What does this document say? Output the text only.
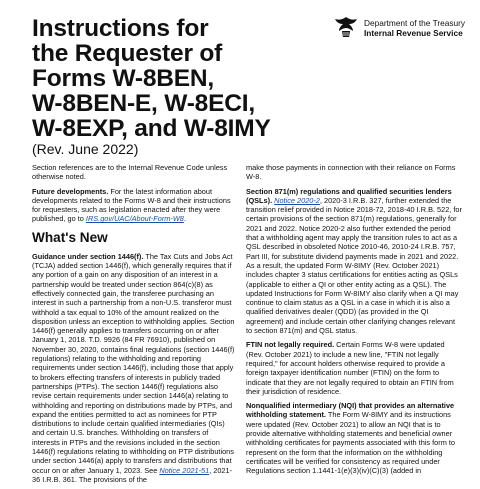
Instructions for
the Requester of
Forms W-8BEN,
W-8BEN-E, W-8ECI,
W-8EXP, and W-8IMY
(Rev. June 2022)
Department of the Treasury
Internal Revenue Service

Section references are to the Internal Revenue Code unless otherwise noted.

Future developments. For the latest information about developments related to the Forms W-8 and their instructions for requesters, such as legislation enacted after they were published, go to IRS.gov/UAC/About-Form-W8.

What's New

Guidance under section 1446(f). The Tax Cuts and Jobs Act (TCJA) added section 1446(f), which generally requires that if any portion of a gain on any disposition of an interest in a partnership would be treated under section 864(c)(8) as effectively connected gain, the transferee purchasing an interest in such a partnership from a non-U.S. transferor must withhold a tax equal to 10% of the amount realized on the disposition unless an exception to withholding applies. Section 1446(f) generally applies to transfers occurring on or after January 1, 2018. T.D. 9926 (84 FR 76910), published on November 30, 2020, contains final regulations (section 1446(f) regulations) relating to the withholding and reporting requirements under section 1446(f), including those that apply to brokers effecting transfers of interests in publicly traded partnerships (PTPs). The section 1446(f) regulations also revise certain requirements under section 1446(a) relating to withholding and reporting on distributions made by PTPs, and expand the entities permitted to act as nominees for PTP distributions to include certain qualified intermediaries (QIs) and certain U.S. branches. Withholding on transfers of interests in PTPs and the revisions included in the section 1446(f) regulations relating to withholding on PTP distributions under section 1446(a) apply to transfers and distributions that occur on or after January 1, 2023. See Notice 2021-51, 2021-36 I.R.B. 361. The provisions of the

make those payments in connection with their reliance on Forms W-8.

Section 871(m) regulations and qualified securities lenders (QSLs). Notice 2020-2, 2020-3 I.R.B. 327, further extended the transition relief provided in Notice 2018-72, 2018-40 I.R.B. 522, for certain provisions of the section 871(m) regulations, generally for 2021 and 2022. Notice 2020-2 also further extended the period that a withholding agent may apply the transition rules to act as a QSL described in obsoleted Notice 2010-46, 2010-24 I.R.B. 757, Part III, for substitute dividend payments made in 2021 and 2022. As a result, the updated Form W-8IMY (Rev. October 2021) includes chapter 3 status certifications for entities acting as QSLs (applicable to either a QI or other entity acting as a QSL). The updated Instructions for Form W-8IMY also clarify when a QI may continue to claim status as a QSL in a case in which it is also a qualified derivatives dealer (QDD) (as provided in the QI agreement) and include certain other clarifying changes relevant to section 871(m) and QSL status.

FTIN not legally required. Certain Forms W-8 were updated (Rev. October 2021) to include a new line, "FTIN not legally required," for account holders otherwise required to provide a foreign taxpayer identification number (FTIN) on the form to indicate that they are not legally required to obtain an FTIN from their jurisdiction of residence.

Nonqualified intermediary (NQI) that provides an alternative withholding statement. The Form W-8IMY and its instructions were updated (Rev. October 2021) to allow an NQI that is to provide alternative withholding statements and beneficial owner withholding certificates for payments associated with this form to represent on the form that the information on the withholding certificates will be verified for consistency as required under Regulations section 1.1441-1(e)(3)(iv)(C)(3) (added in
